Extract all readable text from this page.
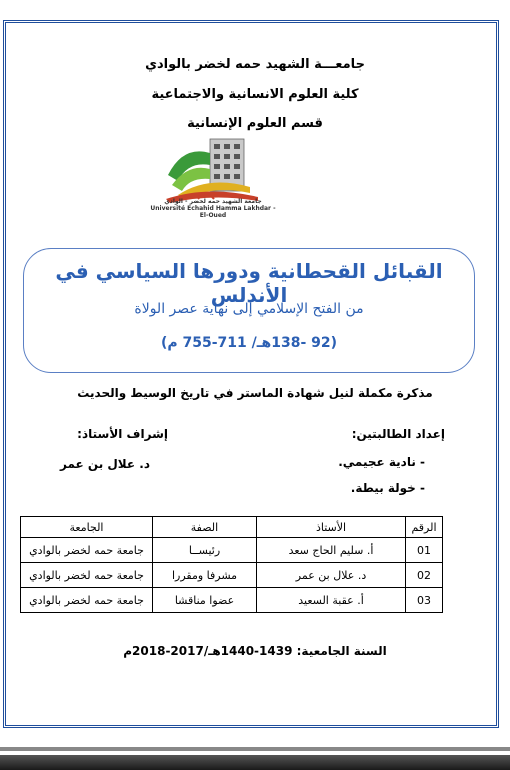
جامعـــة الشهيد حمه لخضر بالوادي
كلية العلوم الانسانية والاجتماعية
قسم العلوم الإنسانية
جامعة الشهيد حمه لخضر - الوادي
Université Echahid Hamma Lakhdar - El-Oued
القبائل القحطانية ودورها السياسي في الأندلس
من الفتح الإسلامي إلى نهاية عصر الولاة
(92 -138هـ/ 711-755 م)
مذكرة مكملة لنيل شهادة الماستر في تاريخ الوسيط والحديث
إعداد الطالبتين:
إشراف الأستاذ:
- نادية عجيمي.
- خولة بيطة.
د. علال بن عمر
الرقم	الأستاذ	الصفة	الجامعة
01	أ. سليم الحاج سعد	رئيســا	جامعة حمه لخضر بالوادي
02	د. علال بن عمر	مشرفا ومقررا	جامعة حمه لخضر بالوادي
03	أ. عقبة السعيد	عضوا مناقشا	جامعة حمه لخضر بالوادي
السنة الجامعية: 1439-1440هـ/2017-2018م
